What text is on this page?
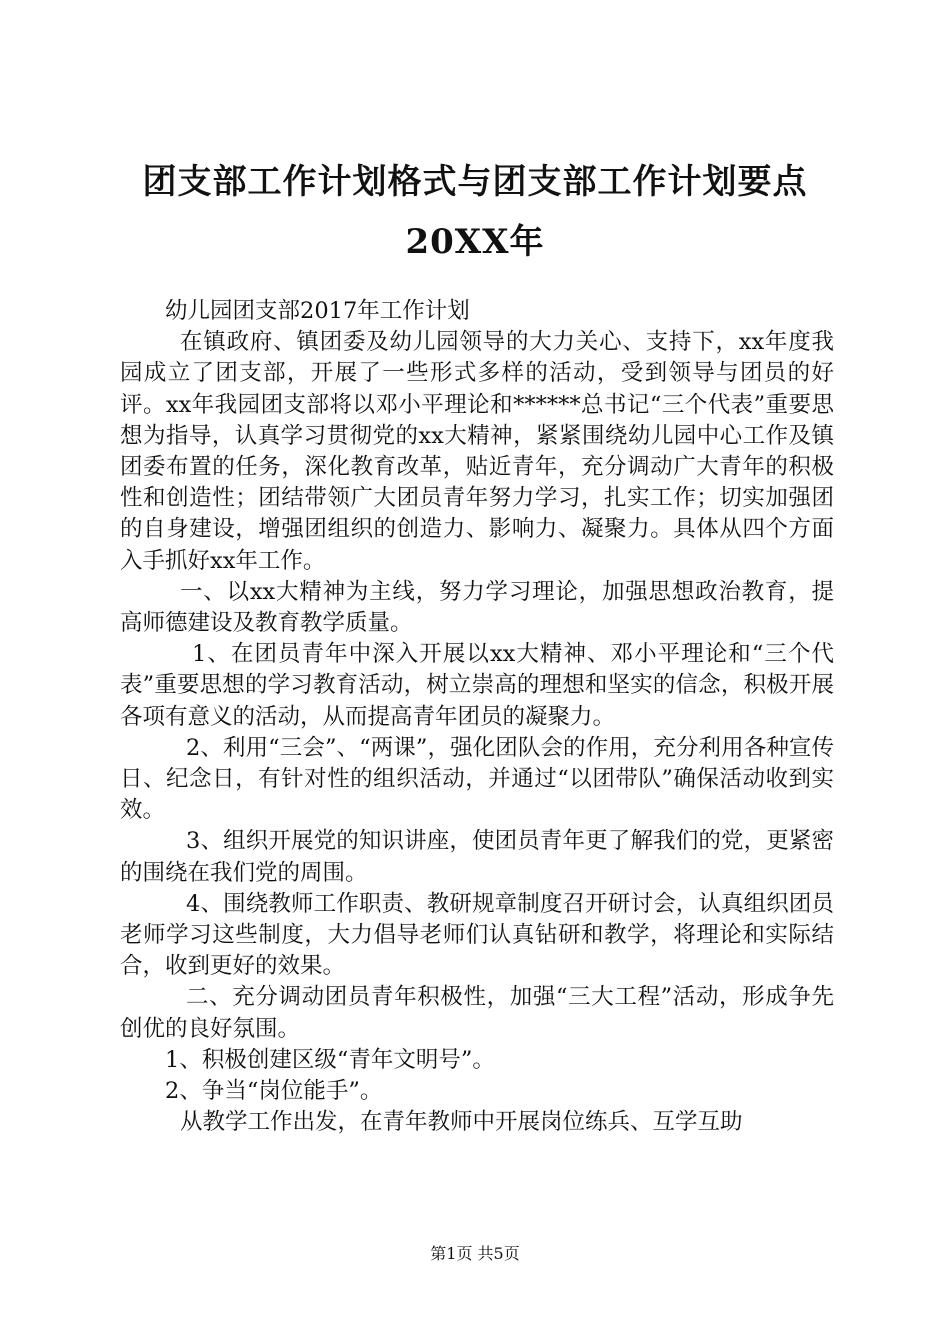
团支部工作计划格式与团支部工作计划要点
20XX年

幼儿园团支部2017年工作计划

在镇政府、镇团委及幼儿园领导的大力关心、支持下，xx年度我园成立了团支部，开展了一些形式多样的活动，受到领导与团员的好评。xx年我园团支部将以邓小平理论和******总书记“三个代表”重要思想为指导，认真学习贯彻党的xx大精神，紧紧围绕幼儿园中心工作及镇团委布置的任务，深化教育改革，贴近青年，充分调动广大青年的积极性和创造性；团结带领广大团员青年努力学习，扎实工作；切实加强团的自身建设，增强团组织的创造力、影响力、凝聚力。具体从四个方面入手抓好xx年工作。

一、以xx大精神为主线，努力学习理论，加强思想政治教育，提高师德建设及教育教学质量。

1、在团员青年中深入开展以xx大精神、邓小平理论和“三个代表”重要思想的学习教育活动，树立崇高的理想和坚实的信念，积极开展各项有意义的活动，从而提高青年团员的凝聚力。

2、利用“三会”、“两课”，强化团队会的作用，充分利用各种宣传日、纪念日，有针对性的组织活动，并通过“以团带队”确保活动收到实效。

3、组织开展党的知识讲座，使团员青年更了解我们的党，更紧密的围绕在我们党的周围。

4、围绕教师工作职责、教研规章制度召开研讨会，认真组织团员老师学习这些制度，大力倡导老师们认真钻研和教学，将理论和实际结合，收到更好的效果。

二、充分调动团员青年积极性，加强“三大工程”活动，形成争先创优的良好氛围。

1、积极创建区级“青年文明号”。

2、争当“岗位能手”。

从教学工作出发，在青年教师中开展岗位练兵、互学互助

第1页 共5页
